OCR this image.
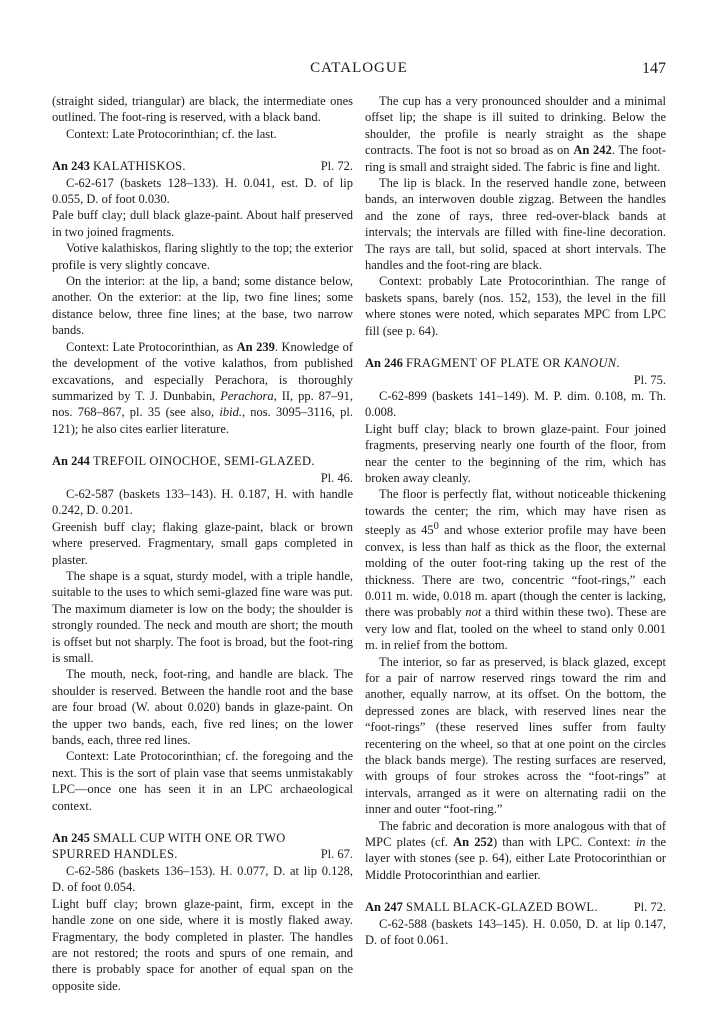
CATALOGUE	147

(straight sided, triangular) are black, the intermediate ones outlined. The foot-ring is reserved, with a black band.

Context: Late Protocorinthian; cf. the last.

An 243 KALATHISKOS.	Pl. 72.

C-62-617 (baskets 128–133). H. 0.041, est. D. of lip 0.055, D. of foot 0.030.

Pale buff clay; dull black glaze-paint. About half preserved in two joined fragments.

Votive kalathiskos, flaring slightly to the top; the exterior profile is very slightly concave.

On the interior: at the lip, a band; some distance below, another. On the exterior: at the lip, two fine lines; some distance below, three fine lines; at the base, two narrow bands.

Context: Late Protocorinthian, as An 239. Knowledge of the development of the votive kalathos, from published excavations, and especially Perachora, is thoroughly summarized by T. J. Dunbabin, Perachora, II, pp. 87–91, nos. 768–867, pl. 35 (see also, ibid., nos. 3095–3116, pl. 121); he also cites earlier literature.

An 244 TREFOIL OINOCHOE, SEMI-GLAZED.
Pl. 46.

C-62-587 (baskets 133–143). H. 0.187, H. with handle 0.242, D. 0.201.

Greenish buff clay; flaking glaze-paint, black or brown where preserved. Fragmentary, small gaps completed in plaster.

The shape is a squat, sturdy model, with a triple handle, suitable to the uses to which semi-glazed fine ware was put. The maximum diameter is low on the body; the shoulder is strongly rounded. The neck and mouth are short; the mouth is offset but not sharply. The foot is broad, but the foot-ring is small.

The mouth, neck, foot-ring, and handle are black. The shoulder is reserved. Between the handle root and the base are four broad (W. about 0.020) bands in glaze-paint. On the upper two bands, each, five red lines; on the lower bands, each, three red lines.

Context: Late Protocorinthian; cf. the foregoing and the next. This is the sort of plain vase that seems unmistakably LPC—once one has seen it in an LPC archaeological context.

An 245 SMALL CUP WITH ONE OR TWO
SPURRED HANDLES.	Pl. 67.

C-62-586 (baskets 136–153). H. 0.077, D. at lip 0.128, D. of foot 0.054.

Light buff clay; brown glaze-paint, firm, except in the handle zone on one side, where it is mostly flaked away. Fragmentary, the body completed in plaster. The handles are not restored; the roots and spurs of one remain, and there is probably space for another of equal span on the opposite side.

The cup has a very pronounced shoulder and a minimal offset lip; the shape is ill suited to drinking. Below the shoulder, the profile is nearly straight as the shape contracts. The foot is not so broad as on An 242. The foot-ring is small and straight sided. The fabric is fine and light.

The lip is black. In the reserved handle zone, between bands, an interwoven double zigzag. Between the handles and the zone of rays, three red-over-black bands at intervals; the intervals are filled with fine-line decoration. The rays are tall, but solid, spaced at short intervals. The handles and the foot-ring are black.

Context: probably Late Protocorinthian. The range of baskets spans, barely (nos. 152, 153), the level in the fill where stones were noted, which separates MPC from LPC fill (see p. 64).

An 246 FRAGMENT OF PLATE OR KANOUN.
Pl. 75.

C-62-899 (baskets 141–149). M. P. dim. 0.108, m. Th. 0.008.

Light buff clay; black to brown glaze-paint. Four joined fragments, preserving nearly one fourth of the floor, from near the center to the beginning of the rim, which has broken away cleanly.

The floor is perfectly flat, without noticeable thickening towards the center; the rim, which may have risen as steeply as $45^0$ and whose exterior profile may have been convex, is less than half as thick as the floor, the external molding of the outer foot-ring taking up the rest of the thickness. There are two, concentric “foot-rings,” each 0.011 m. wide, 0.018 m. apart (though the center is lacking, there was probably not a third within these two). These are very low and flat, tooled on the wheel to stand only 0.001 m. in relief from the bottom.

The interior, so far as preserved, is black glazed, except for a pair of narrow reserved rings toward the rim and another, equally narrow, at its offset. On the bottom, the depressed zones are black, with reserved lines near the “foot-rings” (these reserved lines suffer from faulty recentering on the wheel, so that at one point on the circles the black bands merge). The resting surfaces are reserved, with groups of four strokes across the “foot-rings” at intervals, arranged as it were on alternating radii on the inner and outer “foot-ring.”

The fabric and decoration is more analogous with that of MPC plates (cf. An 252) than with LPC. Context: in the layer with stones (see p. 64), either Late Protocorinthian or Middle Protocorinthian and earlier.

An 247 SMALL BLACK-GLAZED BOWL.	Pl. 72.

C-62-588 (baskets 143–145). H. 0.050, D. at lip 0.147, D. of foot 0.061.
